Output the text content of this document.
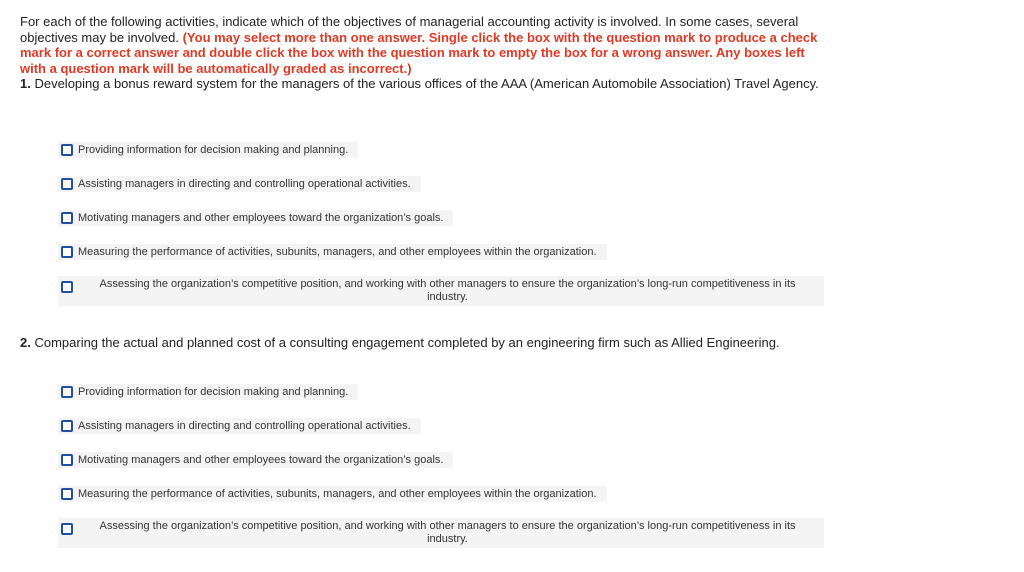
For each of the following activities, indicate which of the objectives of managerial accounting activity is involved. In some cases, several objectives may be involved. (You may select more than one answer. Single click the box with the question mark to produce a check mark for a correct answer and double click the box with the question mark to empty the box for a wrong answer. Any boxes left with a question mark will be automatically graded as incorrect.)
1. Developing a bonus reward system for the managers of the various offices of the AAA (American Automobile Association) Travel Agency.
Providing information for decision making and planning.
Assisting managers in directing and controlling operational activities.
Motivating managers and other employees toward the organization’s goals.
Measuring the performance of activities, subunits, managers, and other employees within the organization.
Assessing the organization’s competitive position, and working with other managers to ensure the organization’s long-run competitiveness in its industry.
2. Comparing the actual and planned cost of a consulting engagement completed by an engineering firm such as Allied Engineering.
Providing information for decision making and planning.
Assisting managers in directing and controlling operational activities.
Motivating managers and other employees toward the organization’s goals.
Measuring the performance of activities, subunits, managers, and other employees within the organization.
Assessing the organization’s competitive position, and working with other managers to ensure the organization’s long-run competitiveness in its industry.
